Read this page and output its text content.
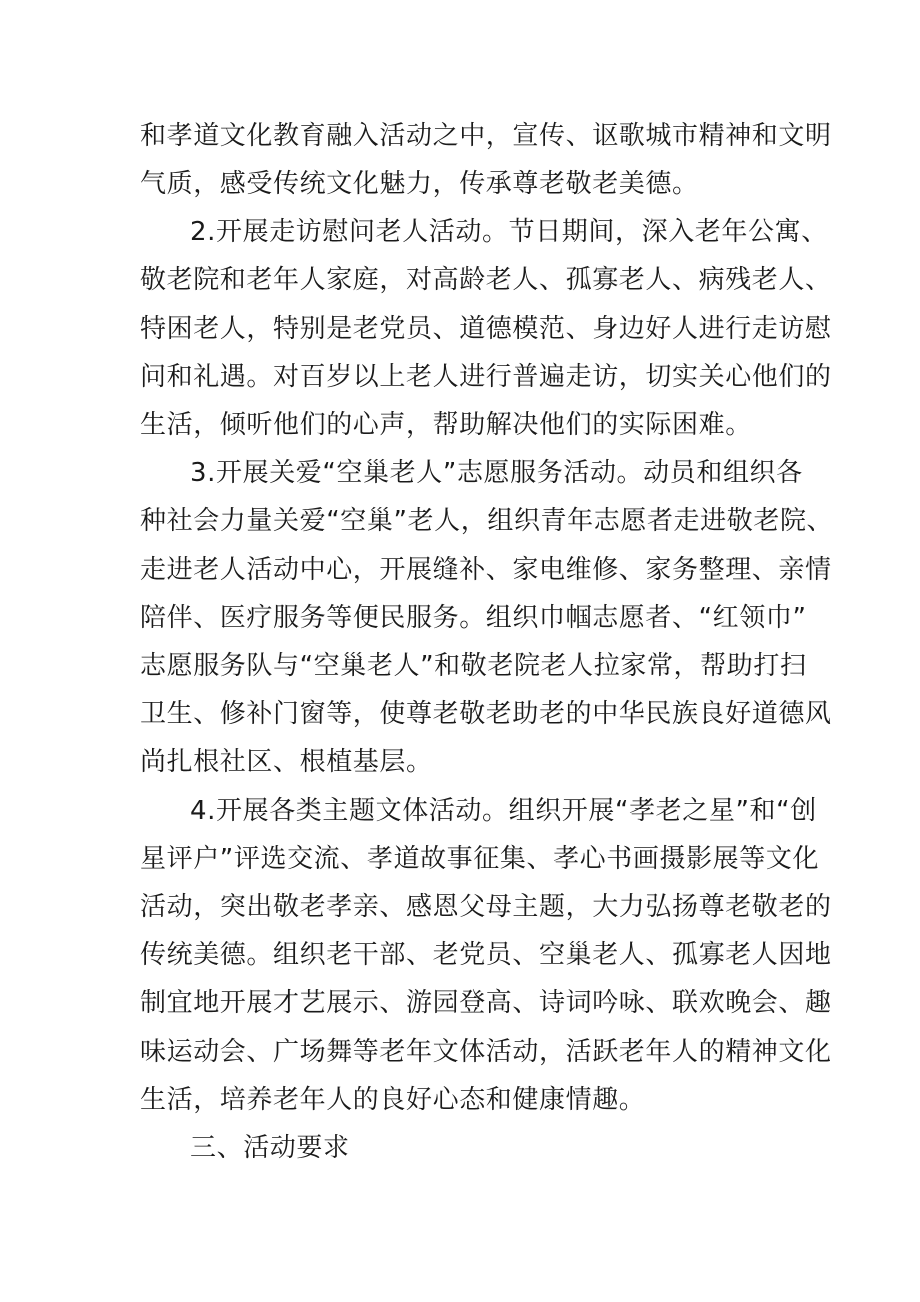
和孝道文化教育融入活动之中，宣传、讴歌城市精神和文明
气质，感受传统文化魅力，传承尊老敬老美德。
2.开展走访慰问老人活动。节日期间，深入老年公寓、
敬老院和老年人家庭，对高龄老人、孤寡老人、病残老人、
特困老人，特别是老党员、道德模范、身边好人进行走访慰
问和礼遇。对百岁以上老人进行普遍走访，切实关心他们的
生活，倾听他们的心声，帮助解决他们的实际困难。
3.开展关爱“空巢老人”志愿服务活动。动员和组织各
种社会力量关爱“空巢”老人，组织青年志愿者走进敬老院、
走进老人活动中心，开展缝补、家电维修、家务整理、亲情
陪伴、医疗服务等便民服务。组织巾帼志愿者、“红领巾”
志愿服务队与“空巢老人”和敬老院老人拉家常，帮助打扫
卫生、修补门窗等，使尊老敬老助老的中华民族良好道德风
尚扎根社区、根植基层。
4.开展各类主题文体活动。组织开展“孝老之星”和“创
星评户”评选交流、孝道故事征集、孝心书画摄影展等文化
活动，突出敬老孝亲、感恩父母主题，大力弘扬尊老敬老的
传统美德。组织老干部、老党员、空巢老人、孤寡老人因地
制宜地开展才艺展示、游园登高、诗词吟咏、联欢晚会、趣
味运动会、广场舞等老年文体活动，活跃老年人的精神文化
生活，培养老年人的良好心态和健康情趣。
三、活动要求
